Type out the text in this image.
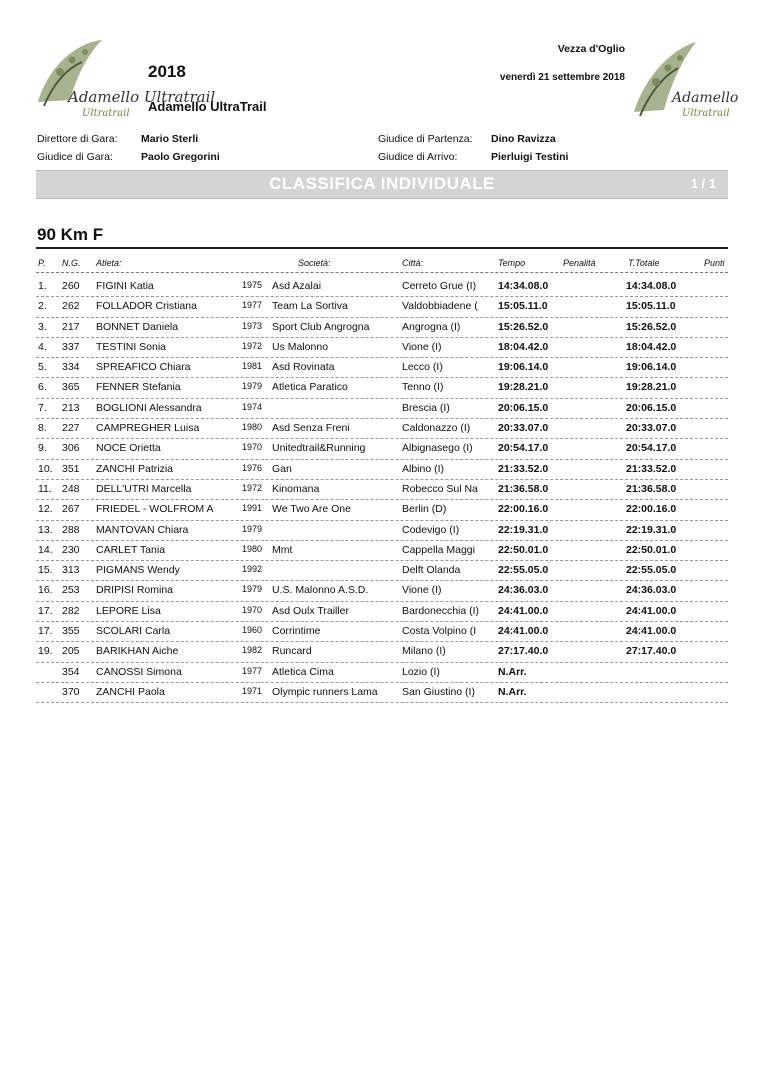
Adamello Ultratrail
Ultratrail
Adamello
Ultratrail
2018
Adamello UltraTrail
Vezza d'Oglio
venerdì 21 settembre 2018
Direttore di Gara: Mario Sterli
Giudice di Gara:	Paolo Gregorini
Giudice di Partenza: Dino Ravizza
Giudice di Arrivo:	Pierluigi Testini
CLASSIFICA INDIVIDUALE	1 / 1
90 Km F
P. N.G. Atleta:	Società:	Città:	Tempo	Penalità	T.Totale	Punti
1.	260	FIGINI Katia	1975 Asd Azalai	Cerreto Grue (I)	14:34.08.0	14:34.08.0
2.	262	FOLLADOR Cristiana	1977 Team La Sortiva	Valdobbiadene (	15:05.11.0	15:05.11.0
3.	217	BONNET Daniela	1973 Sport Club Angrogna	Angrogna (I)	15:26.52.0	15:26.52.0
4.	337	TESTINI Sonia	1972 Us Malonno	Vione (I)	18:04.42.0	18:04.42.0
5.	334	SPREAFICO Chiara	1981 Asd Rovinata	Lecco (I)	19:06.14.0	19:06.14.0
6.	365	FENNER Stefania	1979 Atletica Paratico	Tenno (I)	19:28.21.0	19:28.21.0
7.	213	BOGLIONI Alessandra	1974	Brescia (I)	20:06.15.0	20:06.15.0
8.	227	CAMPREGHER Luisa	1980 Asd Senza Freni	Caldonazzo (I)	20:33.07.0	20:33.07.0
9.	306	NOCE Orietta	1970 Unitedtrail&Running	Albignasego (I)	20:54.17.0	20:54.17.0
10. 351	ZANCHI Patrizia	1976 Gan	Albino (I)	21:33.52.0	21:33.52.0
11. 248	DELL'UTRI Marcella	1972 Kinomana	Robecco Sul Na	21:36.58.0	21:36.58.0
12. 267	FRIEDEL - WOLFROM A	1991 We Two Are One	Berlin (D)	22:00.16.0	22:00.16.0
13. 288	MANTOVAN Chiara	1979	Codevigo (I)	22:19.31.0	22:19.31.0
14. 230	CARLET Tania	1980 Mmt	Cappella Maggi	22:50.01.0	22:50.01.0
15. 313	PIGMANS Wendy	1992	Delft Olanda	22:55.05.0	22:55.05.0
16. 253	DRIPISI Romina	1979 U.S. Malonno A.S.D.	Vione (I)	24:36.03.0	24:36.03.0
17. 282	LEPORE Lisa	1970 Asd Oulx Trailler	Bardonecchia (I)	24:41.00.0	24:41.00.0
17. 355	SCOLARI Carla	1960 Corrintime	Costa Volpino (I	24:41.00.0	24:41.00.0
19. 205	BARIKHAN Aiche	1982 Runcard	Milano (I)	27:17.40.0	27:17.40.0
354	CANOSSI Simona	1977 Atletica Cima	Lozio (I)	N.Arr.
370	ZANCHI Paola	1971 Olympic runners Lama	San Giustino (I)	N.Arr.
